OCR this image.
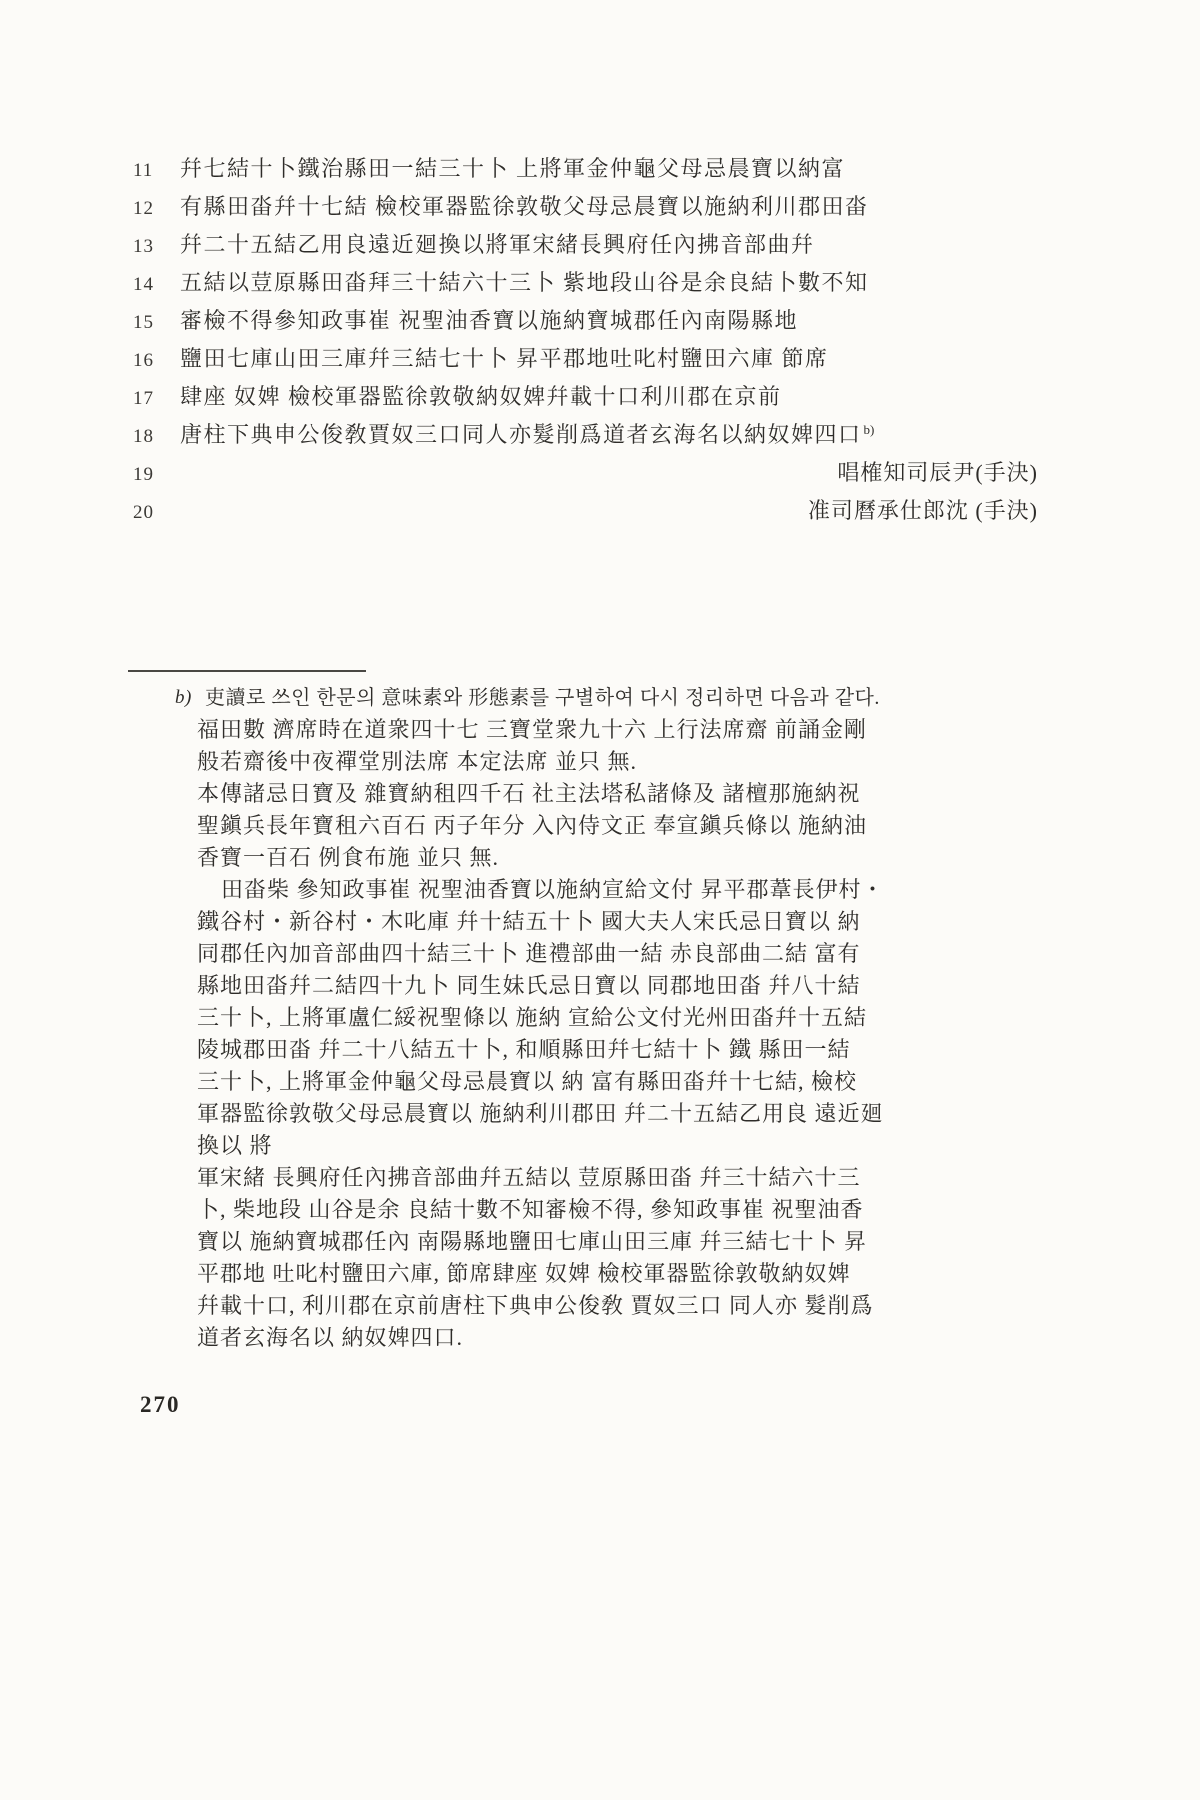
11	幷七結十卜鐵治縣田一結三十卜 上將軍金仲龜父母忌晨寶以納富
12	有縣田畓幷十七結 檢校軍器監徐敦敬父母忌晨寶以施納利川郡田畓
13	幷二十五結乙用良遠近廻換以將軍宋緒長興府任內拂音部曲幷
14	五結以荳原縣田畓拜三十結六十三卜 紫地段山谷是余良結卜數不知
15	審檢不得參知政事崔 祝聖油香寶以施納寶城郡任內南陽縣地
16	鹽田七庫山田三庫幷三結七十卜 昇平郡地吐叱村鹽田六庫 節席
17	肆座 奴婢 檢校軍器監徐敦敬納奴婢幷載十口利川郡在京前
18	唐柱下典申公俊敎賈奴三口同人亦髮削爲道者玄海名以納奴婢四口 $^{b)}$
19	唱榷知司辰尹(手決)
20	准司曆承仕郎沈 (手決)
b) 吏讀로 쓰인 한문의 意味素와 形態素를 구별하여 다시 정리하면 다음과 같다.
福田數 濟席時在道衆四十七 三寶堂衆九十六 上行法席齋 前誦金剛
般若齋後中夜禪堂別法席 本定法席 並只 無.
本傳諸忌日寶及 雜寶納租四千石 社主法塔私諸條及 諸檀那施納祝
聖鎭兵長年寶租六百石 丙子年分 入內侍文正 奉宣鎭兵條以 施納油
香寶一百石 例食布施 並只 無.
田畓柴 參知政事崔 祝聖油香寶以施納宣給文付 昇平郡葦長伊村・
鐵谷村・新谷村・木叱庫 幷十結五十卜 國大夫人宋氏忌日寶以 納
同郡任內加音部曲四十結三十卜 進禮部曲一結 赤良部曲二結 富有
縣地田畓幷二結四十九卜 同生妹氏忌日寶以 同郡地田畓 幷八十結
三十卜, 上將軍盧仁綏祝聖條以 施納 宣給公文付光州田畓幷十五結
陵城郡田畓 幷二十八結五十卜, 和順縣田幷七結十卜 鐵 縣田一結
三十卜, 上將軍金仲龜父母忌晨寶以 納 富有縣田畓幷十七結, 檢校
軍器監徐敦敬父母忌晨寶以 施納利川郡田 幷二十五結乙用良 遠近廻
換以 將
軍宋緒 長興府任內拂音部曲幷五結以 荳原縣田畓 幷三十結六十三
卜, 柴地段 山谷是余 良結十數不知審檢不得, 參知政事崔 祝聖油香
寶以 施納寶城郡任內 南陽縣地鹽田七庫山田三庫 幷三結七十卜 昇
平郡地 吐叱村鹽田六庫, 節席肆座 奴婢 檢校軍器監徐敦敬納奴婢
幷載十口, 利川郡在京前唐柱下典申公俊敎 賈奴三口 同人亦 髮削爲
道者玄海名以 納奴婢四口.
270
